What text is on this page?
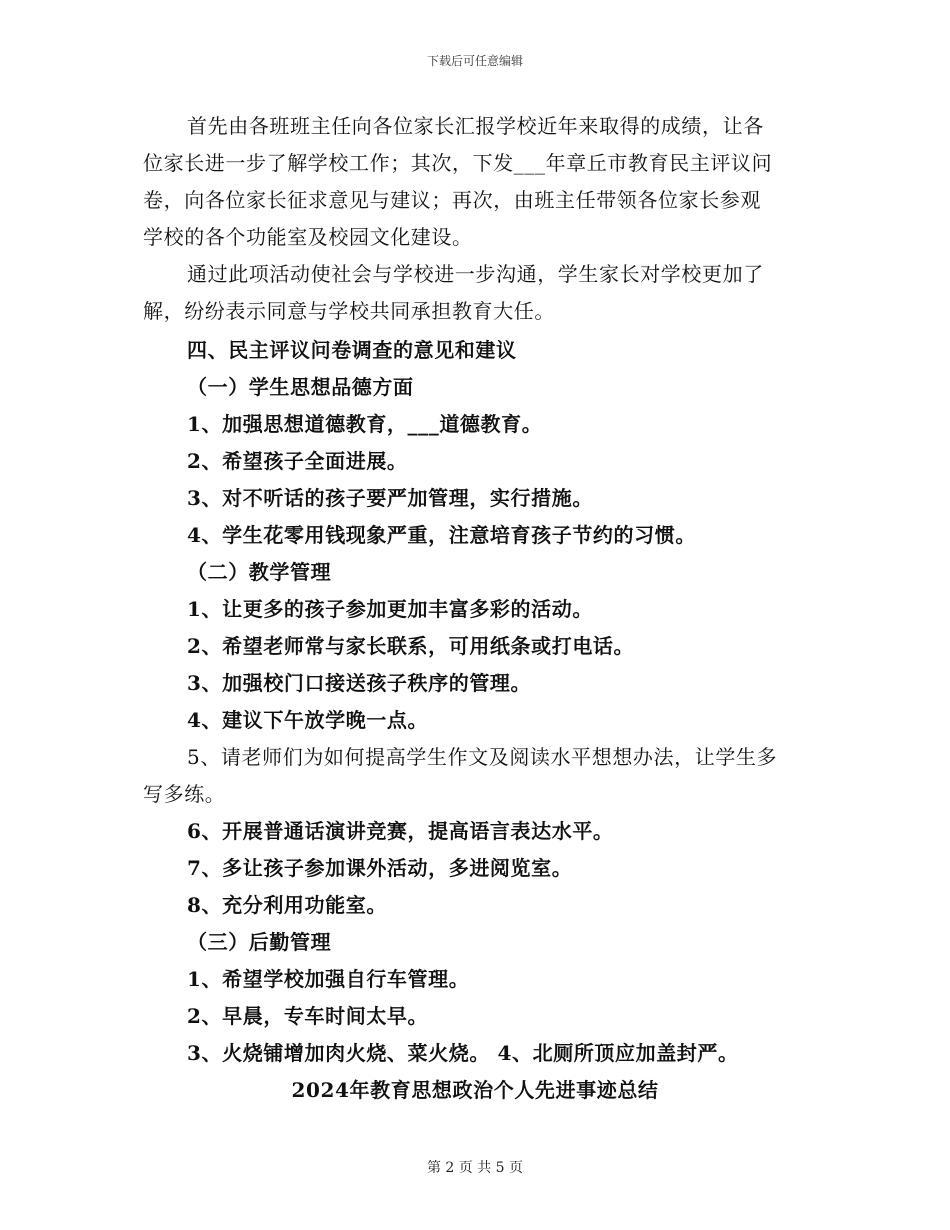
下载后可任意编辑
首先由各班班主任向各位家长汇报学校近年来取得的成绩，让各
位家长进一步了解学校工作；其次，下发___年章丘市教育民主评议问
卷，向各位家长征求意见与建议；再次，由班主任带领各位家长参观
学校的各个功能室及校园文化建设。
通过此项活动使社会与学校进一步沟通，学生家长对学校更加了
解，纷纷表示同意与学校共同承担教育大任。
四、民主评议问卷调查的意见和建议
（一）学生思想品德方面
1、加强思想道德教育，___道德教育。
2、希望孩子全面进展。
3、对不听话的孩子要严加管理，实行措施。
4、学生花零用钱现象严重，注意培育孩子节约的习惯。
（二）教学管理
1、让更多的孩子参加更加丰富多彩的活动。
2、希望老师常与家长联系，可用纸条或打电话。
3、加强校门口接送孩子秩序的管理。
4、建议下午放学晚一点。
5、请老师们为如何提高学生作文及阅读水平想想办法，让学生多
写多练。
6、开展普通话演讲竞赛，提高语言表达水平。
7、多让孩子参加课外活动，多进阅览室。
8、充分利用功能室。
（三）后勤管理
1、希望学校加强自行车管理。
2、早晨，专车时间太早。
3、火烧铺增加肉火烧、菜火烧。 4、北厕所顶应加盖封严。
2024年教育思想政治个人先进事迹总结
第 2 页 共 5 页
